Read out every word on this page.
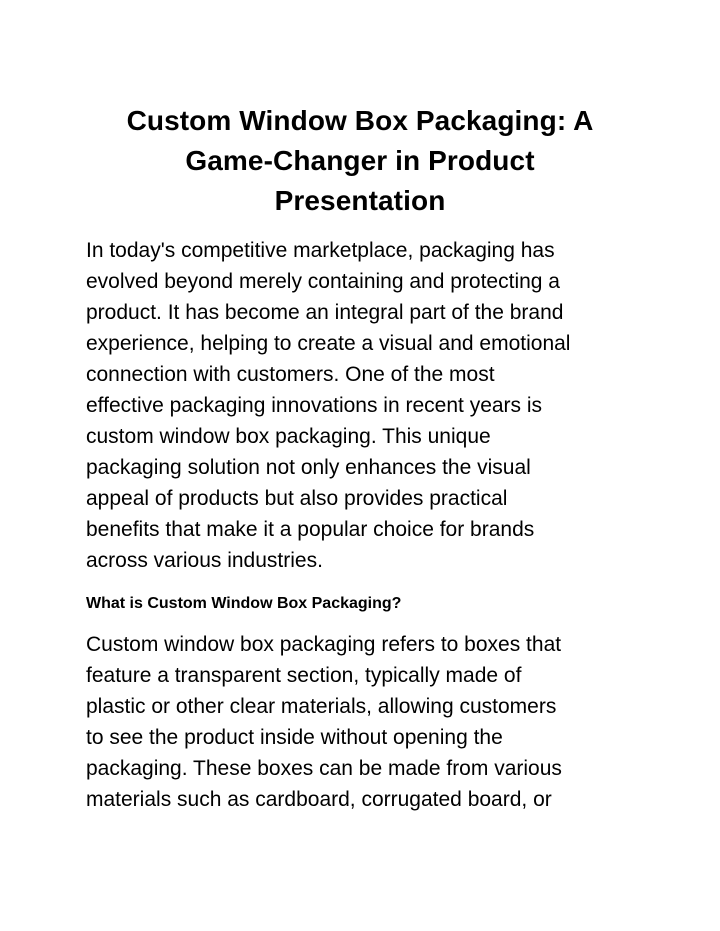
Custom Window Box Packaging: A
Game-Changer in Product
Presentation

In today's competitive marketplace, packaging has
evolved beyond merely containing and protecting a
product. It has become an integral part of the brand
experience, helping to create a visual and emotional
connection with customers. One of the most
effective packaging innovations in recent years is
custom window box packaging. This unique
packaging solution not only enhances the visual
appeal of products but also provides practical
benefits that make it a popular choice for brands
across various industries.

What is Custom Window Box Packaging?

Custom window box packaging refers to boxes that
feature a transparent section, typically made of
plastic or other clear materials, allowing customers
to see the product inside without opening the
packaging. These boxes can be made from various
materials such as cardboard, corrugated board, or
